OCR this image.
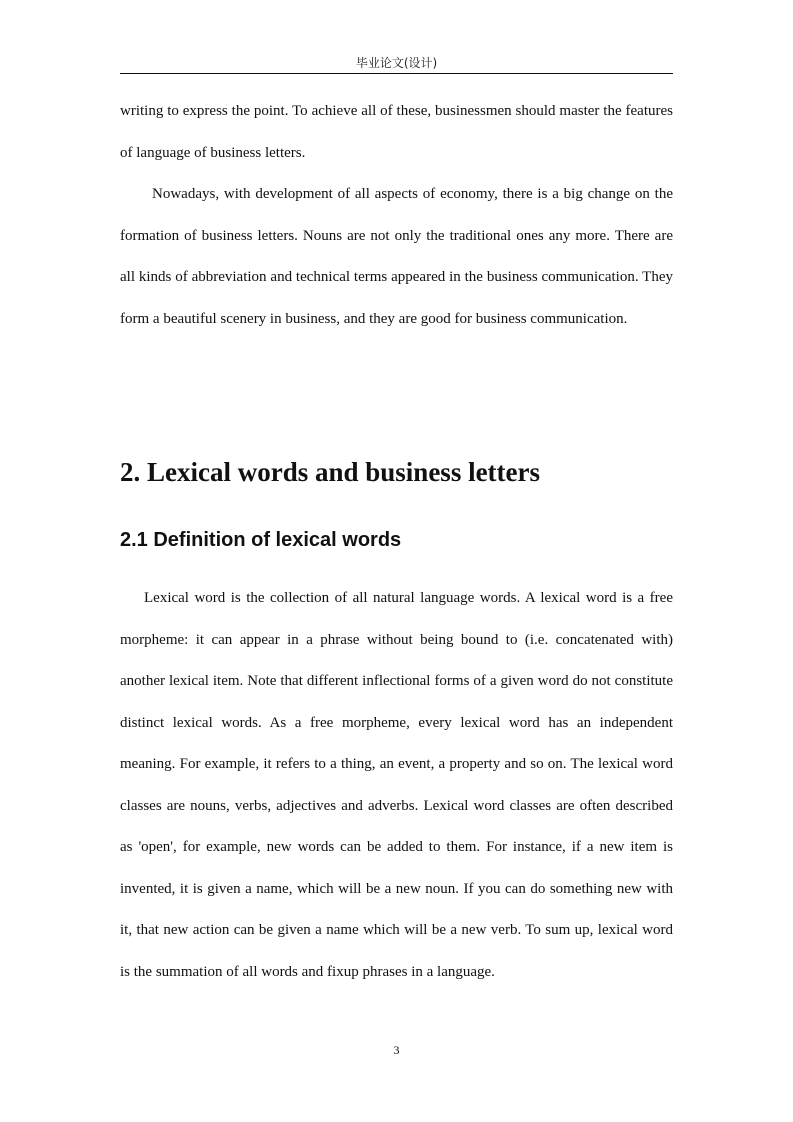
毕业论文(设计)

writing to express the point. To achieve all of these, businessmen should master the features of language of business letters.

Nowadays, with development of all aspects of economy, there is a big change on the formation of business letters. Nouns are not only the traditional ones any more. There are all kinds of abbreviation and technical terms appeared in the business communication. They form a beautiful scenery in business, and they are good for business communication.

2. Lexical words and business letters
2.1 Definition of lexical words

Lexical word is the collection of all natural language words. A lexical word is a free morpheme: it can appear in a phrase without being bound to (i.e. concatenated with) another lexical item. Note that different inflectional forms of a given word do not constitute distinct lexical words. As a free morpheme, every lexical word has an independent meaning. For example, it refers to a thing, an event, a property and so on. The lexical word classes are nouns, verbs, adjectives and adverbs. Lexical word classes are often described as 'open', for example, new words can be added to them. For instance, if a new item is invented, it is given a name, which will be a new noun. If you can do something new with it, that new action can be given a name which will be a new verb. To sum up, lexical word is the summation of all words and fixup phrases in a language.

3
